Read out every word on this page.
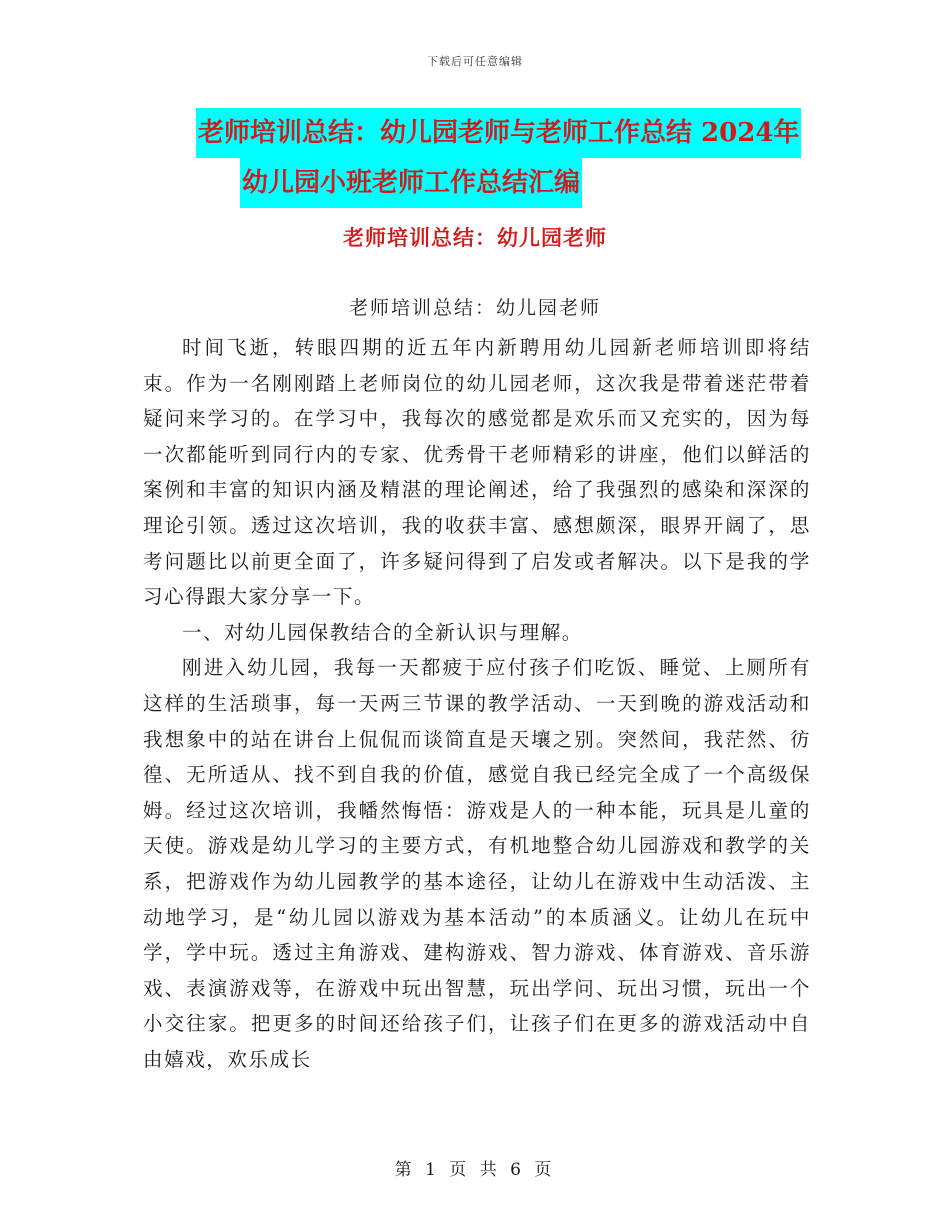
下载后可任意编辑
老师培训总结：幼儿园老师与老师工作总结 2024年
幼儿园小班老师工作总结汇编
老师培训总结：幼儿园老师
老师培训总结：幼儿园老师

时间飞逝，转眼四期的近五年内新聘用幼儿园新老师培训即将结束。作为一名刚刚踏上老师岗位的幼儿园老师，这次我是带着迷茫带着疑问来学习的。在学习中，我每次的感觉都是欢乐而又充实的，因为每一次都能听到同行内的专家、优秀骨干老师精彩的讲座，他们以鲜活的案例和丰富的知识内涵及精湛的理论阐述，给了我强烈的感染和深深的理论引领。透过这次培训，我的收获丰富、感想颇深，眼界开阔了，思考问题比以前更全面了，许多疑问得到了启发或者解决。以下是我的学习心得跟大家分享一下。

一、对幼儿园保教结合的全新认识与理解。

刚进入幼儿园，我每一天都疲于应付孩子们吃饭、睡觉、上厕所有这样的生活琐事，每一天两三节课的教学活动、一天到晚的游戏活动和我想象中的站在讲台上侃侃而谈简直是天壤之别。突然间，我茫然、彷徨、无所适从、找不到自我的价值，感觉自我已经完全成了一个高级保姆。经过这次培训，我幡然悔悟：游戏是人的一种本能，玩具是儿童的天使。游戏是幼儿学习的主要方式，有机地整合幼儿园游戏和教学的关系，把游戏作为幼儿园教学的基本途径，让幼儿在游戏中生动活泼、主动地学习，是“幼儿园以游戏为基本活动”的本质涵义。让幼儿在玩中学，学中玩。透过主角游戏、建构游戏、智力游戏、体育游戏、音乐游戏、表演游戏等，在游戏中玩出智慧，玩出学问、玩出习惯，玩出一个小交往家。把更多的时间还给孩子们，让孩子们在更多的游戏活动中自由嬉戏，欢乐成长

第 1 页 共 6 页
